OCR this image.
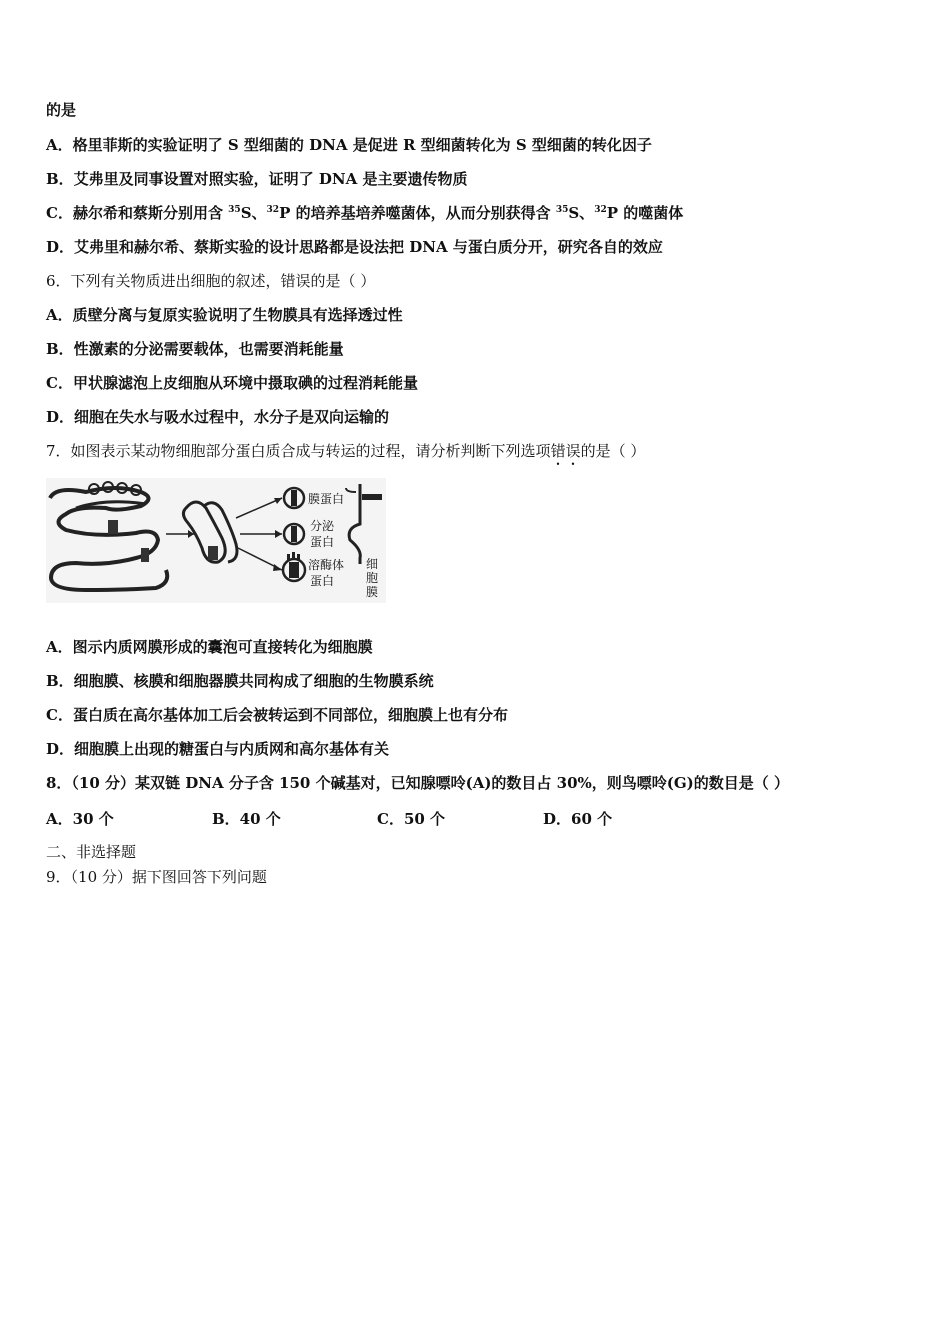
的是
A．格里菲斯的实验证明了 S 型细菌的 DNA 是促进 R 型细菌转化为 S 型细菌的转化因子
B．艾弗里及同事设置对照实验，证明了 DNA 是主要遗传物质
C．赫尔希和蔡斯分别用含 $^{35}$S、$^{32}$P 的培养基培养噬菌体，从而分别获得含 $^{35}$S、$^{32}$P 的噬菌体
D．艾弗里和赫尔希、蔡斯实验的设计思路都是设法把 DNA 与蛋白质分开，研究各自的效应
6．下列有关物质进出细胞的叙述，错误的是（ ）
A．质壁分离与复原实验说明了生物膜具有选择透过性
B．性激素的分泌需要载体，也需要消耗能量
C．甲状腺滤泡上皮细胞从环境中摄取碘的过程消耗能量
D．细胞在失水与吸水过程中，水分子是双向运输的
7．如图表示某动物细胞部分蛋白质合成与转运的过程，请分析判断下列选项错误的是（ ）
膜蛋白
分泌
蛋白
溶酶体
蛋白
细
胞
膜
A．图示内质网膜形成的囊泡可直接转化为细胞膜
B．细胞膜、核膜和细胞器膜共同构成了细胞的生物膜系统
C．蛋白质在高尔基体加工后会被转运到不同部位，细胞膜上也有分布
D．细胞膜上出现的糖蛋白与内质网和高尔基体有关
8．（10 分）某双链 DNA 分子含 150 个碱基对，已知腺嘌呤(A)的数目占 30%，则鸟嘌呤(G)的数目是（ ）
A．30 个	B．40 个	C．50 个	D．60 个
二、非选择题
9．（10 分）据下图回答下列问题
